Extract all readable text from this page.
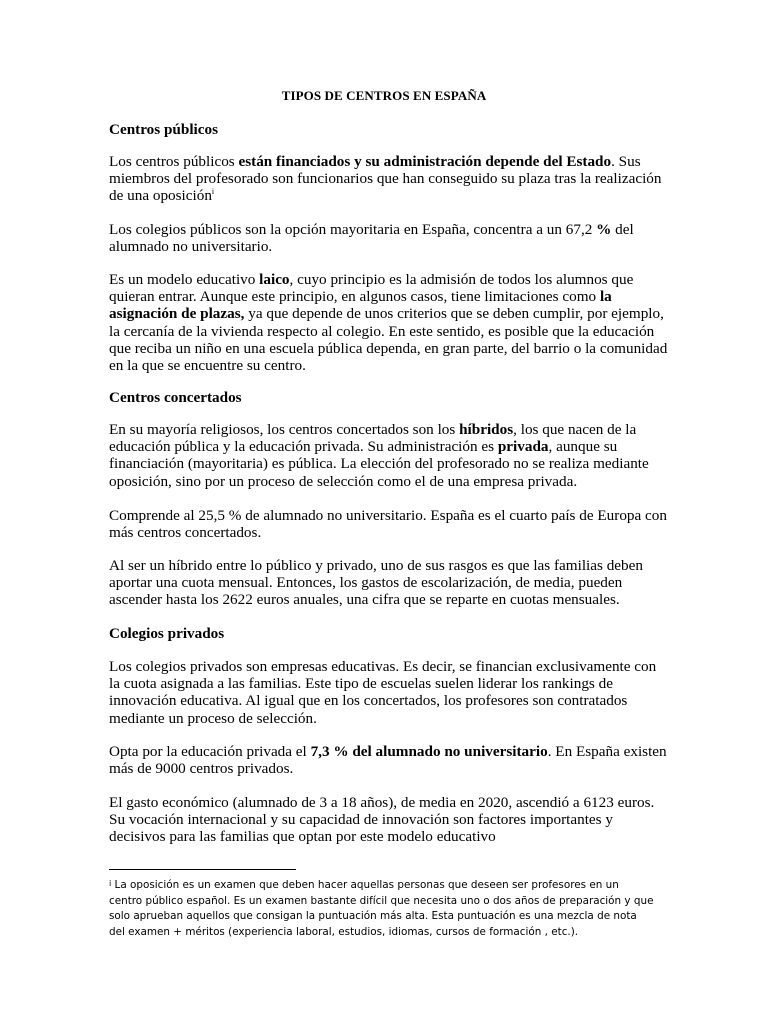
TIPOS DE CENTROS EN ESPAÑA
Centros públicos
Los centros públicos están financiados y su administración depende del Estado. Sus miembros del profesorado son funcionarios que han conseguido su plaza tras la realización de una oposición$^i$
Los colegios públicos son la opción mayoritaria en España, concentra a un 67,2 % del alumnado no universitario.
Es un modelo educativo laico, cuyo principio es la admisión de todos los alumnos que quieran entrar. Aunque este principio, en algunos casos, tiene limitaciones como la asignación de plazas, ya que depende de unos criterios que se deben cumplir, por ejemplo, la cercanía de la vivienda respecto al colegio. En este sentido, es posible que la educación que reciba un niño en una escuela pública dependa, en gran parte, del barrio o la comunidad en la que se encuentre su centro.
Centros concertados
En su mayoría religiosos, los centros concertados son los híbridos, los que nacen de la educación pública y la educación privada. Su administración es privada, aunque su financiación (mayoritaria) es pública. La elección del profesorado no se realiza mediante oposición, sino por un proceso de selección como el de una empresa privada.
Comprende al 25,5 % de alumnado no universitario. España es el cuarto país de Europa con más centros concertados.
Al ser un híbrido entre lo público y privado, uno de sus rasgos es que las familias deben aportar una cuota mensual. Entonces, los gastos de escolarización, de media, pueden ascender hasta los 2622 euros anuales, una cifra que se reparte en cuotas mensuales.
Colegios privados
Los colegios privados son empresas educativas. Es decir, se financian exclusivamente con la cuota asignada a las familias. Este tipo de escuelas suelen liderar los rankings de innovación educativa. Al igual que en los concertados, los profesores son contratados mediante un proceso de selección.
Opta por la educación privada el 7,3 % del alumnado no universitario. En España existen más de 9000 centros privados.
El gasto económico (alumnado de 3 a 18 años), de media en 2020, ascendió a 6123 euros. Su vocación internacional y su capacidad de innovación son factores importantes y decisivos para las familias que optan por este modelo educativo
i La oposición es un examen que deben hacer aquellas personas que deseen ser profesores en un centro público español. Es un examen bastante difícil que necesita uno o dos años de preparación y que solo aprueban aquellos que consigan la puntuación más alta. Esta puntuación es una mezcla de nota del examen + méritos (experiencia laboral, estudios, idiomas, cursos de formación , etc.).
